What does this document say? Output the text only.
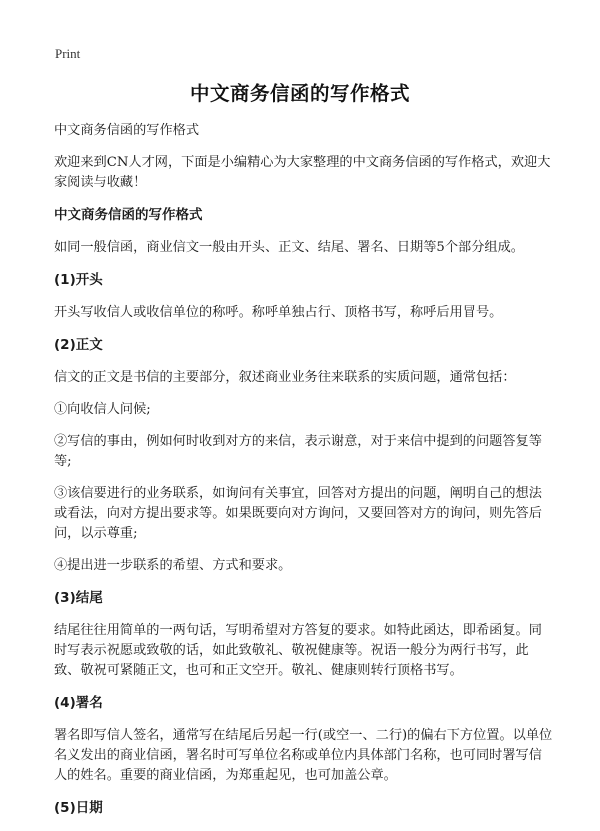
Print
中文商务信函的写作格式

中文商务信函的写作格式

欢迎来到CN人才网，下面是小编精心为大家整理的中文商务信函的写作格式，欢迎大家阅读与收藏！

中文商务信函的写作格式

如同一般信函，商业信文一般由开头、正文、结尾、署名、日期等5个部分组成。

(1)开头

开头写收信人或收信单位的称呼。称呼单独占行、顶格书写，称呼后用冒号。

(2)正文

信文的正文是书信的主要部分，叙述商业业务往来联系的实质问题，通常包括：

①向收信人问候;

②写信的事由，例如何时收到对方的来信，表示谢意，对于来信中提到的问题答复等等;

③该信要进行的业务联系，如询问有关事宜，回答对方提出的问题，阐明自己的想法或看法，向对方提出要求等。如果既要向对方询问，又要回答对方的询问，则先答后问，以示尊重;

④提出进一步联系的希望、方式和要求。

(3)结尾

结尾往往用简单的一两句话，写明希望对方答复的要求。如特此函达，即希函复。同时写表示祝愿或致敬的话，如此致敬礼、敬祝健康等。祝语一般分为两行书写，此致、敬祝可紧随正文，也可和正文空开。敬礼、健康则转行顶格书写。

(4)署名

署名即写信人签名，通常写在结尾后另起一行(或空一、二行)的偏右下方位置。以单位名义发出的商业信函，署名时可写单位名称或单位内具体部门名称，也可同时署写信人的姓名。重要的商业信函，为郑重起见，也可加盖公章。

(5)日期
